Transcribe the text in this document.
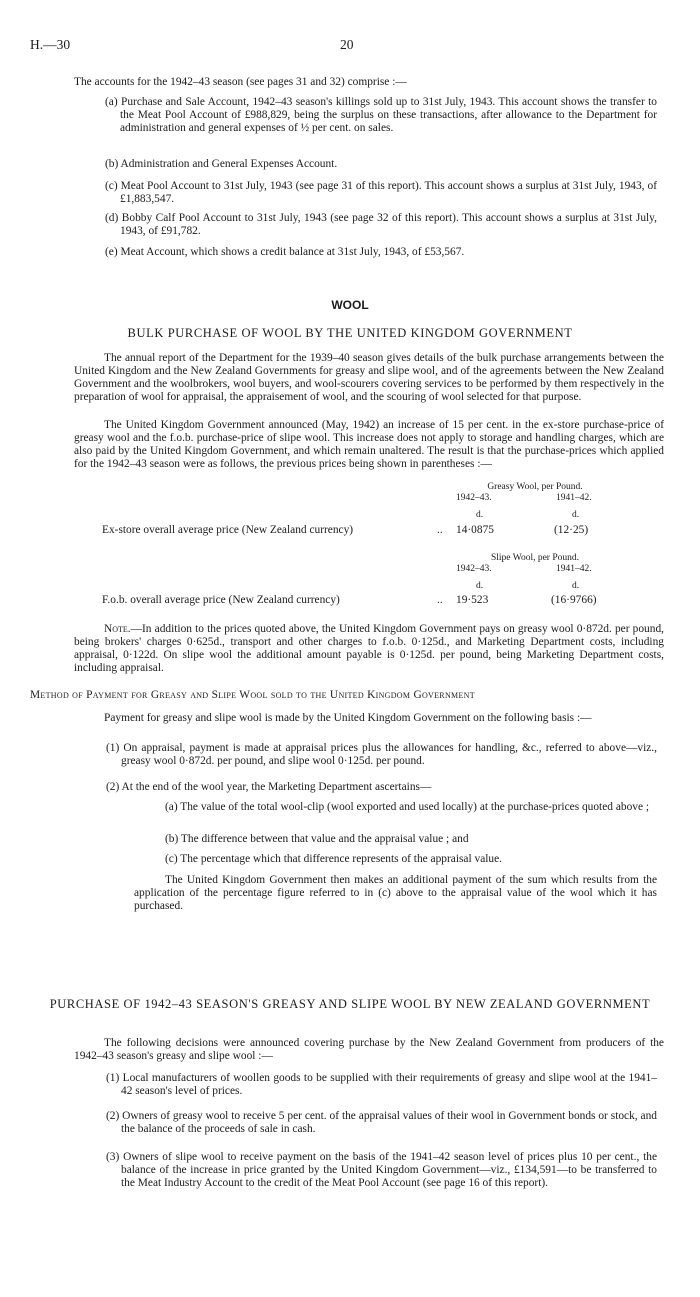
H.—30	20

The accounts for the 1942–43 season (see pages 31 and 32) comprise :—

(a) Purchase and Sale Account, 1942–43 season's killings sold up to 31st July, 1943. This account shows the transfer to the Meat Pool Account of £988,829, being the surplus on these transactions, after allowance to the Department for administration and general expenses of ½ per cent. on sales.

(b) Administration and General Expenses Account.

(c) Meat Pool Account to 31st July, 1943 (see page 31 of this report). This account shows a surplus at 31st July, 1943, of £1,883,547.

(d) Bobby Calf Pool Account to 31st July, 1943 (see page 32 of this report). This account shows a surplus at 31st July, 1943, of £91,782.

(e) Meat Account, which shows a credit balance at 31st July, 1943, of £53,567.

WOOL
BULK PURCHASE OF WOOL BY THE UNITED KINGDOM GOVERNMENT

The annual report of the Department for the 1939–40 season gives details of the bulk purchase arrangements between the United Kingdom and the New Zealand Governments for greasy and slipe wool, and of the agreements between the New Zealand Government and the woolbrokers, wool buyers, and wool-scourers covering services to be performed by them respectively in the preparation of wool for appraisal, the appraisement of wool, and the scouring of wool selected for that purpose.

The United Kingdom Government announced (May, 1942) an increase of 15 per cent. in the ex-store purchase-price of greasy wool and the f.o.b. purchase-price of slipe wool. This increase does not apply to storage and handling charges, which are also paid by the United Kingdom Government, and which remain unaltered. The result is that the purchase-prices which applied for the 1942–43 season were as follows, the previous prices being shown in parentheses :—

Greasy Wool, per Pound.
1942–43.	1941–42.
d.	d.
Ex-store overall average price (New Zealand currency)	.. 14·0875	(12·25)
Slipe Wool, per Pound.
1942–43.	1941–42.
d.	d.
F.o.b. overall average price (New Zealand currency)	.. 19·523	(16·9766)

Note.—In addition to the prices quoted above, the United Kingdom Government pays on greasy wool 0·872d. per pound, being brokers' charges 0·625d., transport and other charges to f.o.b. 0·125d., and Marketing Department costs, including appraisal, 0·122d. On slipe wool the additional amount payable is 0·125d. per pound, being Marketing Department costs, including appraisal.

Method of Payment for Greasy and Slipe Wool sold to the United Kingdom Government

Payment for greasy and slipe wool is made by the United Kingdom Government on the following basis :—

(1) On appraisal, payment is made at appraisal prices plus the allowances for handling, &c., referred to above—viz., greasy wool 0·872d. per pound, and slipe wool 0·125d. per pound.

(2) At the end of the wool year, the Marketing Department ascertains—

(a) The value of the total wool-clip (wool exported and used locally) at the purchase-prices quoted above ;

(b) The difference between that value and the appraisal value ; and

(c) The percentage which that difference represents of the appraisal value.

The United Kingdom Government then makes an additional payment of the sum which results from the application of the percentage figure referred to in (c) above to the appraisal value of the wool which it has purchased.

PURCHASE OF 1942–43 SEASON'S GREASY AND SLIPE WOOL BY NEW ZEALAND GOVERNMENT

The following decisions were announced covering purchase by the New Zealand Government from producers of the 1942–43 season's greasy and slipe wool :—

(1) Local manufacturers of woollen goods to be supplied with their requirements of greasy and slipe wool at the 1941–42 season's level of prices.

(2) Owners of greasy wool to receive 5 per cent. of the appraisal values of their wool in Government bonds or stock, and the balance of the proceeds of sale in cash.

(3) Owners of slipe wool to receive payment on the basis of the 1941–42 season level of prices plus 10 per cent., the balance of the increase in price granted by the United Kingdom Government—viz., £134,591—to be transferred to the Meat Industry Account to the credit of the Meat Pool Account (see page 16 of this report).
